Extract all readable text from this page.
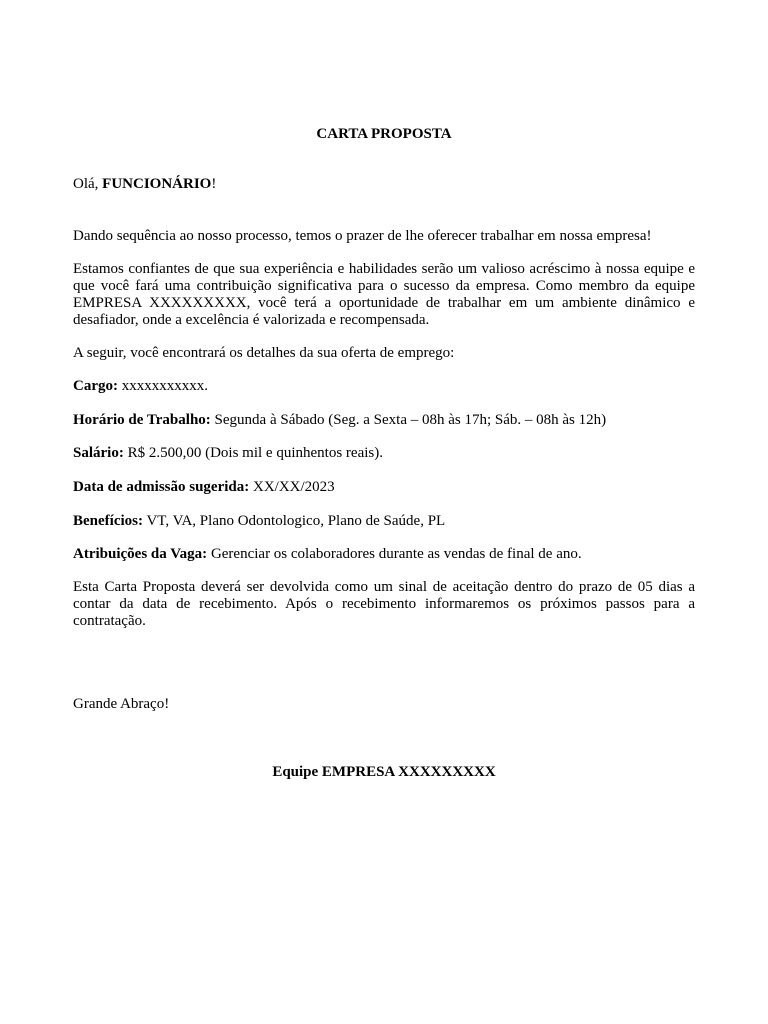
CARTA PROPOSTA
Olá, FUNCIONÁRIO!
Dando sequência ao nosso processo, temos o prazer de lhe oferecer trabalhar em nossa empresa!
Estamos confiantes de que sua experiência e habilidades serão um valioso acréscimo à nossa equipe e que você fará uma contribuição significativa para o sucesso da empresa. Como membro da equipe EMPRESA XXXXXXXXX, você terá a oportunidade de trabalhar em um ambiente dinâmico e desafiador, onde a excelência é valorizada e recompensada.
A seguir, você encontrará os detalhes da sua oferta de emprego:
Cargo: xxxxxxxxxxx.
Horário de Trabalho: Segunda à Sábado (Seg. a Sexta – 08h às 17h; Sáb. – 08h às 12h)
Salário: R$ 2.500,00 (Dois mil e quinhentos reais).
Data de admissão sugerida: XX/XX/2023
Benefícios: VT, VA, Plano Odontologico, Plano de Saúde, PL
Atribuições da Vaga: Gerenciar os colaboradores durante as vendas de final de ano.
Esta Carta Proposta deverá ser devolvida como um sinal de aceitação dentro do prazo de 05 dias a contar da data de recebimento. Após o recebimento informaremos os próximos passos para a contratação.
Grande Abraço!
Equipe EMPRESA XXXXXXXXX
